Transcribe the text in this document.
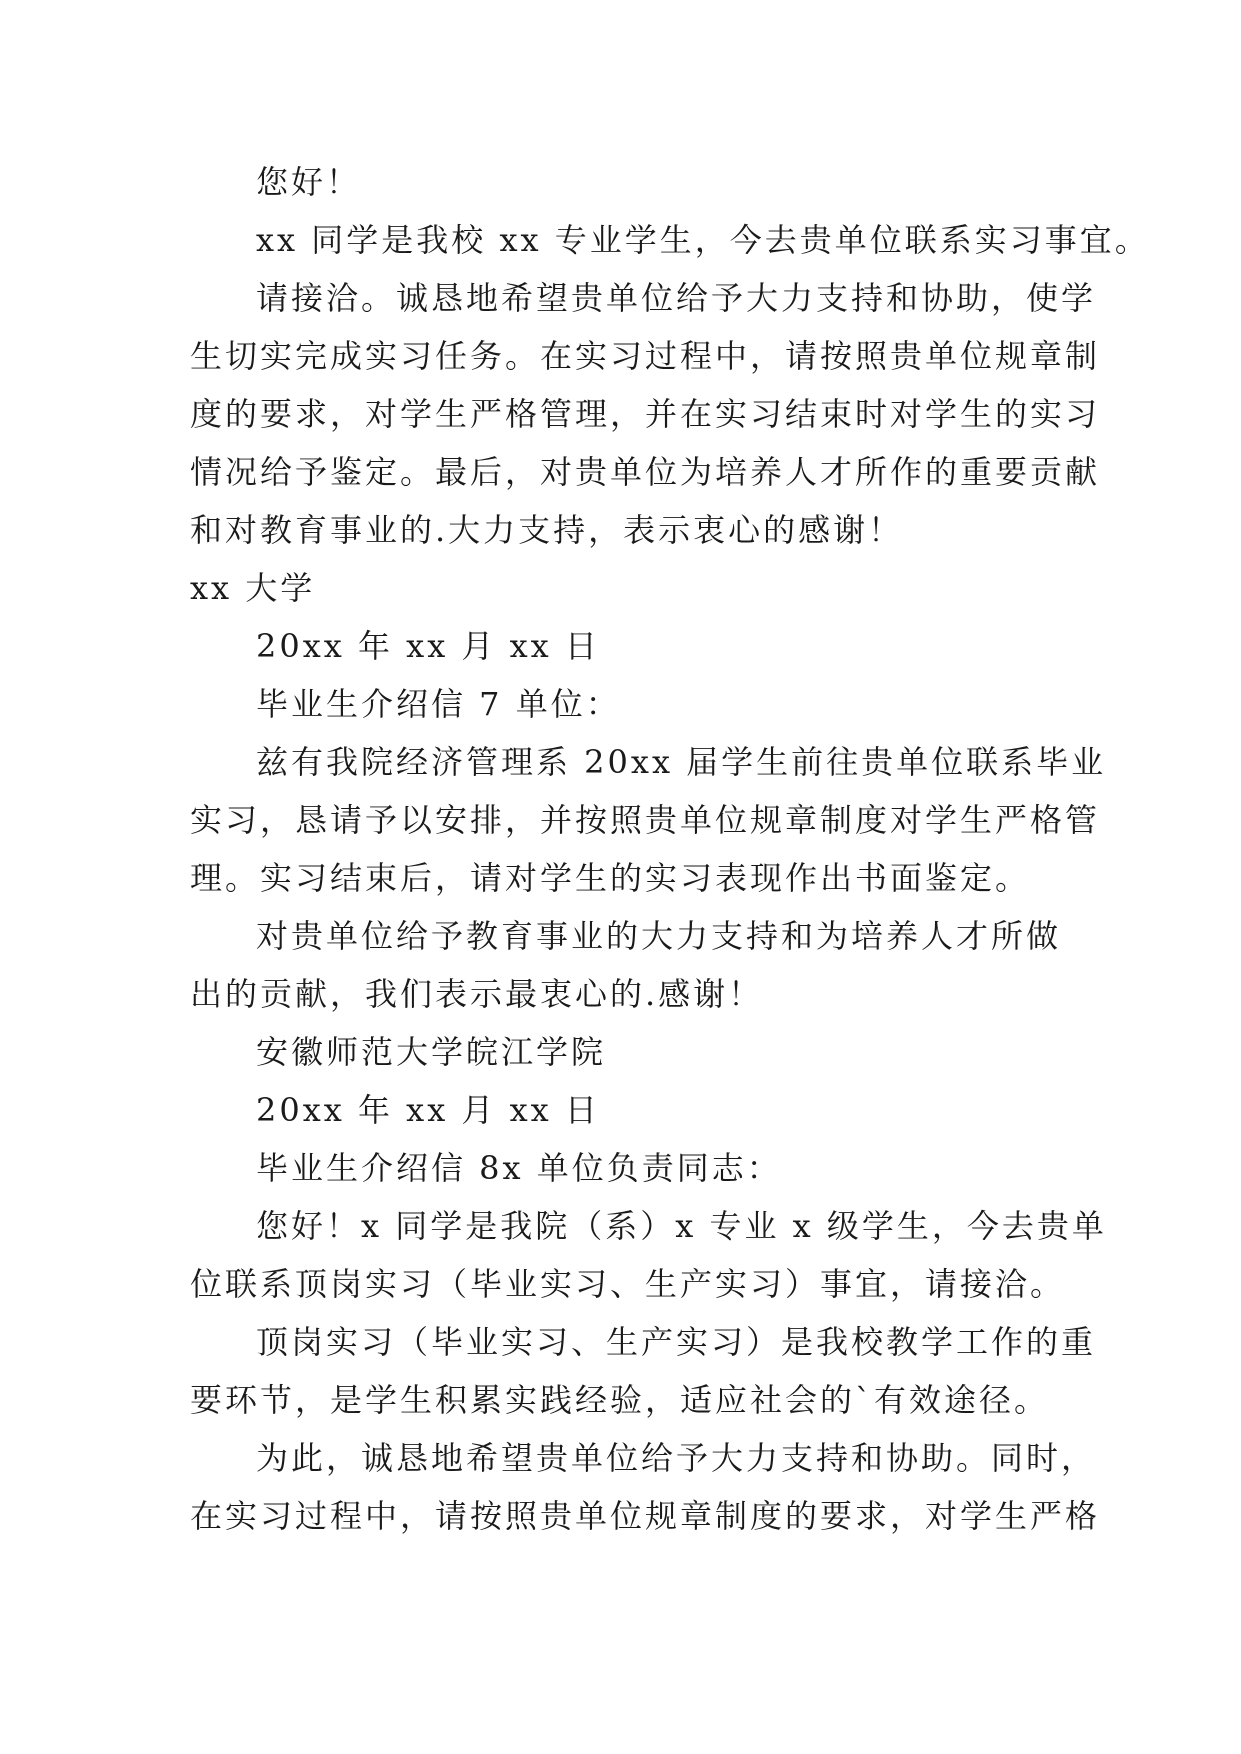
您好！
xx 同学是我校 xx 专业学生，今去贵单位联系实习事宜。
请接洽。诚恳地希望贵单位给予大力支持和协助，使学
生切实完成实习任务。在实习过程中，请按照贵单位规章制
度的要求，对学生严格管理，并在实习结束时对学生的实习
情况给予鉴定。最后，对贵单位为培养人才所作的重要贡献
和对教育事业的.大力支持，表示衷心的感谢！
xx 大学
20xx 年 xx 月 xx 日
毕业生介绍信 7 单位：
兹有我院经济管理系 20xx 届学生前往贵单位联系毕业
实习，恳请予以安排，并按照贵单位规章制度对学生严格管
理。实习结束后，请对学生的实习表现作出书面鉴定。
对贵单位给予教育事业的大力支持和为培养人才所做
出的贡献，我们表示最衷心的.感谢！
安徽师范大学皖江学院
20xx 年 xx 月 xx 日
毕业生介绍信 8x 单位负责同志：
您好！x 同学是我院（系）x 专业 x 级学生，今去贵单
位联系顶岗实习（毕业实习、生产实习）事宜，请接洽。
顶岗实习（毕业实习、生产实习）是我校教学工作的重
要环节，是学生积累实践经验，适应社会的`有效途径。
为此，诚恳地希望贵单位给予大力支持和协助。同时，
在实习过程中，请按照贵单位规章制度的要求，对学生严格
